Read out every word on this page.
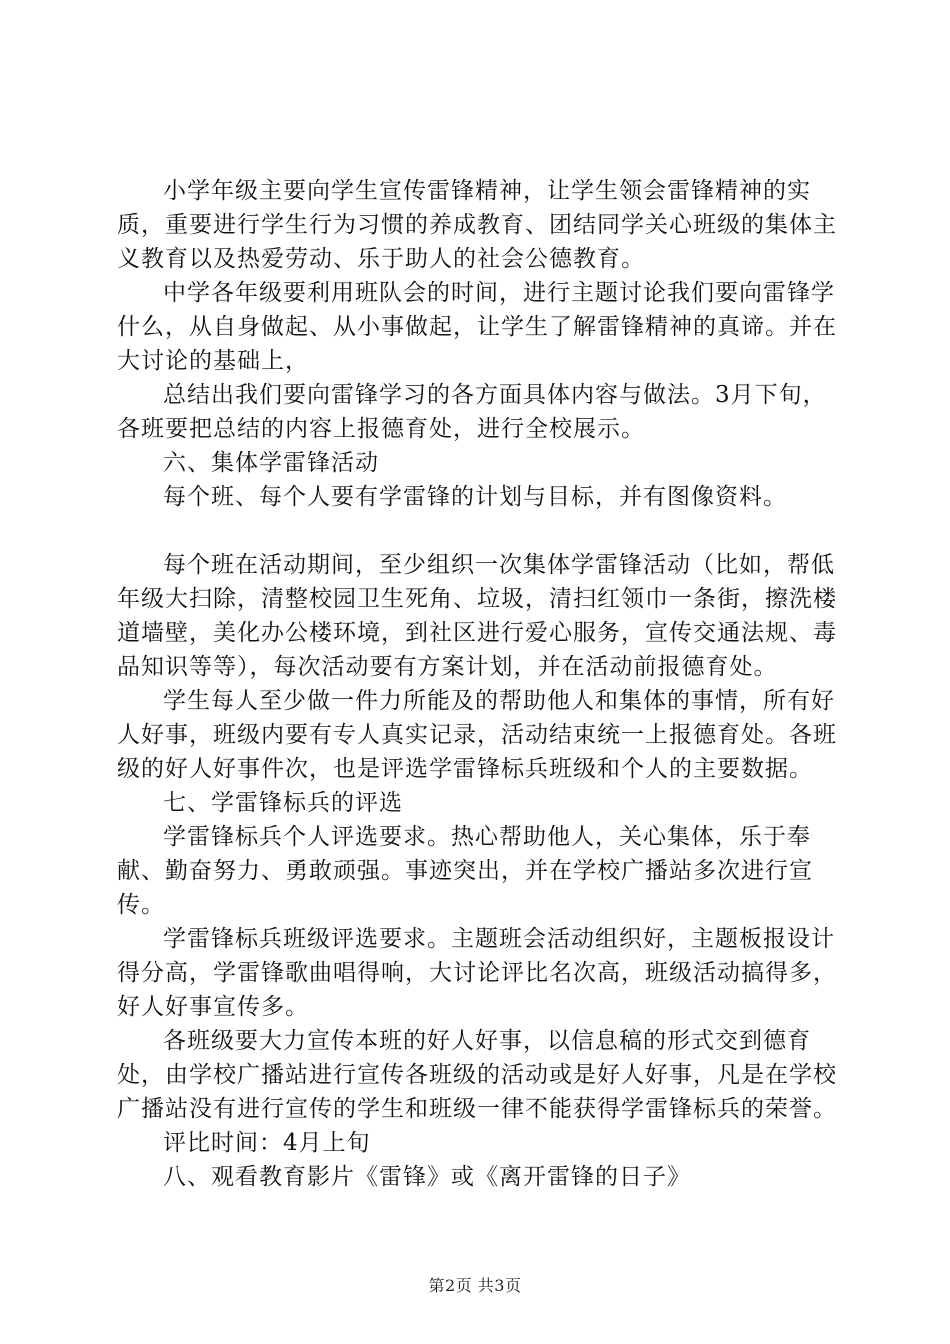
小学年级主要向学生宣传雷锋精神，让学生领会雷锋精神的实质，重要进行学生行为习惯的养成教育、团结同学关心班级的集体主义教育以及热爱劳动、乐于助人的社会公德教育。

中学各年级要利用班队会的时间，进行主题讨论我们要向雷锋学什么，从自身做起、从小事做起，让学生了解雷锋精神的真谛。并在大讨论的基础上，

总结出我们要向雷锋学习的各方面具体内容与做法。3月下旬，各班要把总结的内容上报德育处，进行全校展示。

六、集体学雷锋活动

每个班、每个人要有学雷锋的计划与目标，并有图像资料。

每个班在活动期间，至少组织一次集体学雷锋活动（比如，帮低年级大扫除，清整校园卫生死角、垃圾，清扫红领巾一条街，擦洗楼道墙壁，美化办公楼环境，到社区进行爱心服务，宣传交通法规、毒品知识等等），每次活动要有方案计划，并在活动前报德育处。

学生每人至少做一件力所能及的帮助他人和集体的事情，所有好人好事，班级内要有专人真实记录，活动结束统一上报德育处。各班级的好人好事件次，也是评选学雷锋标兵班级和个人的主要数据。

七、学雷锋标兵的评选

学雷锋标兵个人评选要求。热心帮助他人，关心集体，乐于奉献、勤奋努力、勇敢顽强。事迹突出，并在学校广播站多次进行宣传。

学雷锋标兵班级评选要求。主题班会活动组织好，主题板报设计得分高，学雷锋歌曲唱得响，大讨论评比名次高，班级活动搞得多，好人好事宣传多。

各班级要大力宣传本班的好人好事，以信息稿的形式交到德育处，由学校广播站进行宣传各班级的活动或是好人好事，凡是在学校广播站没有进行宣传的学生和班级一律不能获得学雷锋标兵的荣誉。

评比时间：4月上旬

八、观看教育影片《雷锋》或《离开雷锋的日子》

第2页 共3页
